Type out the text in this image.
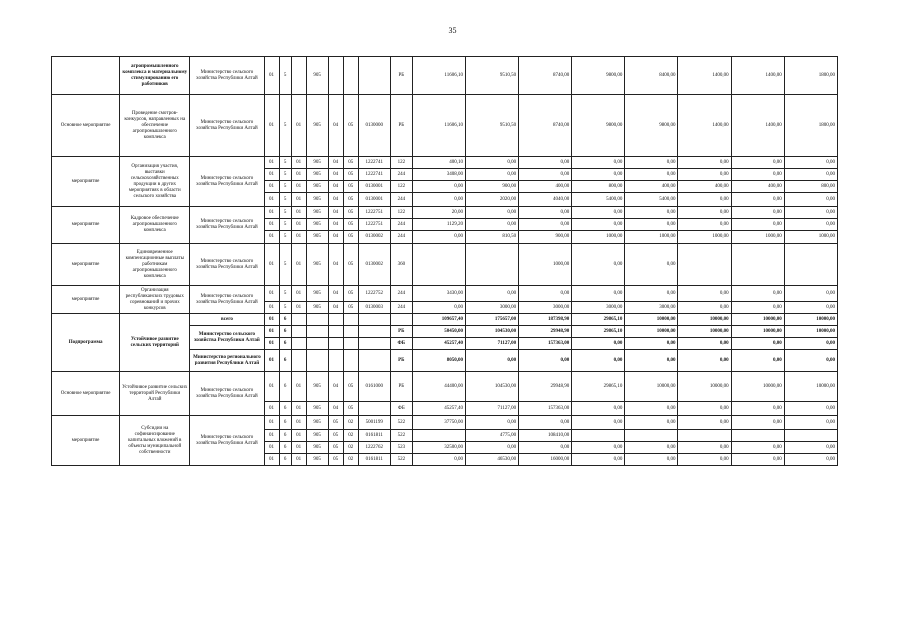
35
	агропромышленного комплекса и материальному стимулированию его работников	Министерство сельского хозяйства Республики Алтай	01	5		905				РБ	11606,10	9510,50	8740,00	9800,00	8400,00	1400,00	1400,00	1800,00
Основное мероприятие	Проведение смотров-конкурсов, направленных на обеспечение агропромышленного комплекса	Министерство сельского хозяйства Республики Алтай	01	5	01	905	04	05	0130000	РБ	11606,10	9510,50	8740,00	9800,00	9800,00	1400,00	1400,00	1800,00
мероприятие	Организация участия, выставки сельскохозяйственных продукции в других мероприятиях в области сельского хозяйства	Министерство сельского хозяйства Республики Алтай	01	5	01	905	04	05	1222741	122	400,10	0,00	0,00	0,00	0,00	0,00	0,00	0,00
			01	5	01	905	04	05	1222741	244	3408,00	0,00	0,00	0,00	0,00	0,00	0,00	0,00
			01	5	01	905	04	05	0130001	122	0,00	900,00	400,00	800,00	400,00	400,00	400,00	800,00
			01	5	01	905	04	05	0130001	244	0,00	2020,00	4040,00	5400,00	5400,00	0,00	0,00	0,00
мероприятие	Кадровое обеспечение агропромышленного комплекса	Министерство сельского хозяйства Республики Алтай	01	5	01	905	04	05	1222751	122	20,00	0,00	0,00	0,00	0,00	0,00	0,00	0,00
			01	5	01	905	04	05	1222751	244	1129,20	0,00	0,00	0,00	0,00	0,00	0,00	0,00
			01	5	01	905	04	05	0130002	244	0,00	810,50	900,00	1000,00	1000,00	1000,00	1000,00	1000,00
мероприятие	Единовременное компенсационные выплаты работникам агропромышленного комплекса	Министерство сельского хозяйства Республики Алтай	01	5	01	905	04	05	0130002	360			1000,00	0,00	0,00			
мероприятие	Организация республиканских трудовых соревнований и прочих конкурсов	Министерство сельского хозяйства Республики Алтай	01	5	01	905	04	05	1222752	244	3430,00	0,00	0,00	0,00	0,00	0,00	0,00	0,00
			01	5	01	905	04	05	0130003	244	0,00	3000,00	3000,00	3000,00	3000,00	0,00	0,00	0,00
Подпрограмма	Устойчивое развитие сельских территорий	всего	01	6							109657,40	175657,00	187398,90	29865,10	10000,00	10000,00	10000,00	10000,00
		Министерство сельского хозяйства Республики Алтай	01	6						РБ	50450,00	104530,00	29948,90	29865,10	10000,00	10000,00	10000,00	10000,00
			01	6						ФБ	45257,40	71127,00	157363,00	0,00	0,00	0,00	0,00	0,00
		Министерство регионального развития Республики Алтай	01	6						РБ	8050,00	0,00	0,00	0,00	0,00	0,00	0,00	0,00
Основное мероприятие	Устойчивое развитие сельских территорий Республики Алтай	Министерство сельского хозяйства Республики Алтай	01	6	01	905	04	05	0161000	РБ	44400,00	104530,00	29948,90	29865,10	10000,00	10000,00	10000,00	10000,00
			01	6	01	905	04	05		ФБ	45257,40	71127,00	157363,00	0,00	0,00	0,00	0,00	0,00
мероприятие	Субсидии на софинансирование капитальных вложений в объекты муниципальной собственности	Министерство сельского хозяйства Республики Алтай	01	6	01	905	05	02	5001199	522	37750,00	0,00	0,00	0,00	0,00	0,00	0,00	0,00
			01	6	01	905	05	02	0161811	522		4775,00	108410,00					
			01	6	01	905	05	02	1222762	523	32500,00	0,00	0,00	0,00	0,00	0,00	0,00	0,00
			01	6	01	905	05	02	0161811	522	0,00	46530,00	16000,00	0,00	0,00	0,00	0,00	0,00
